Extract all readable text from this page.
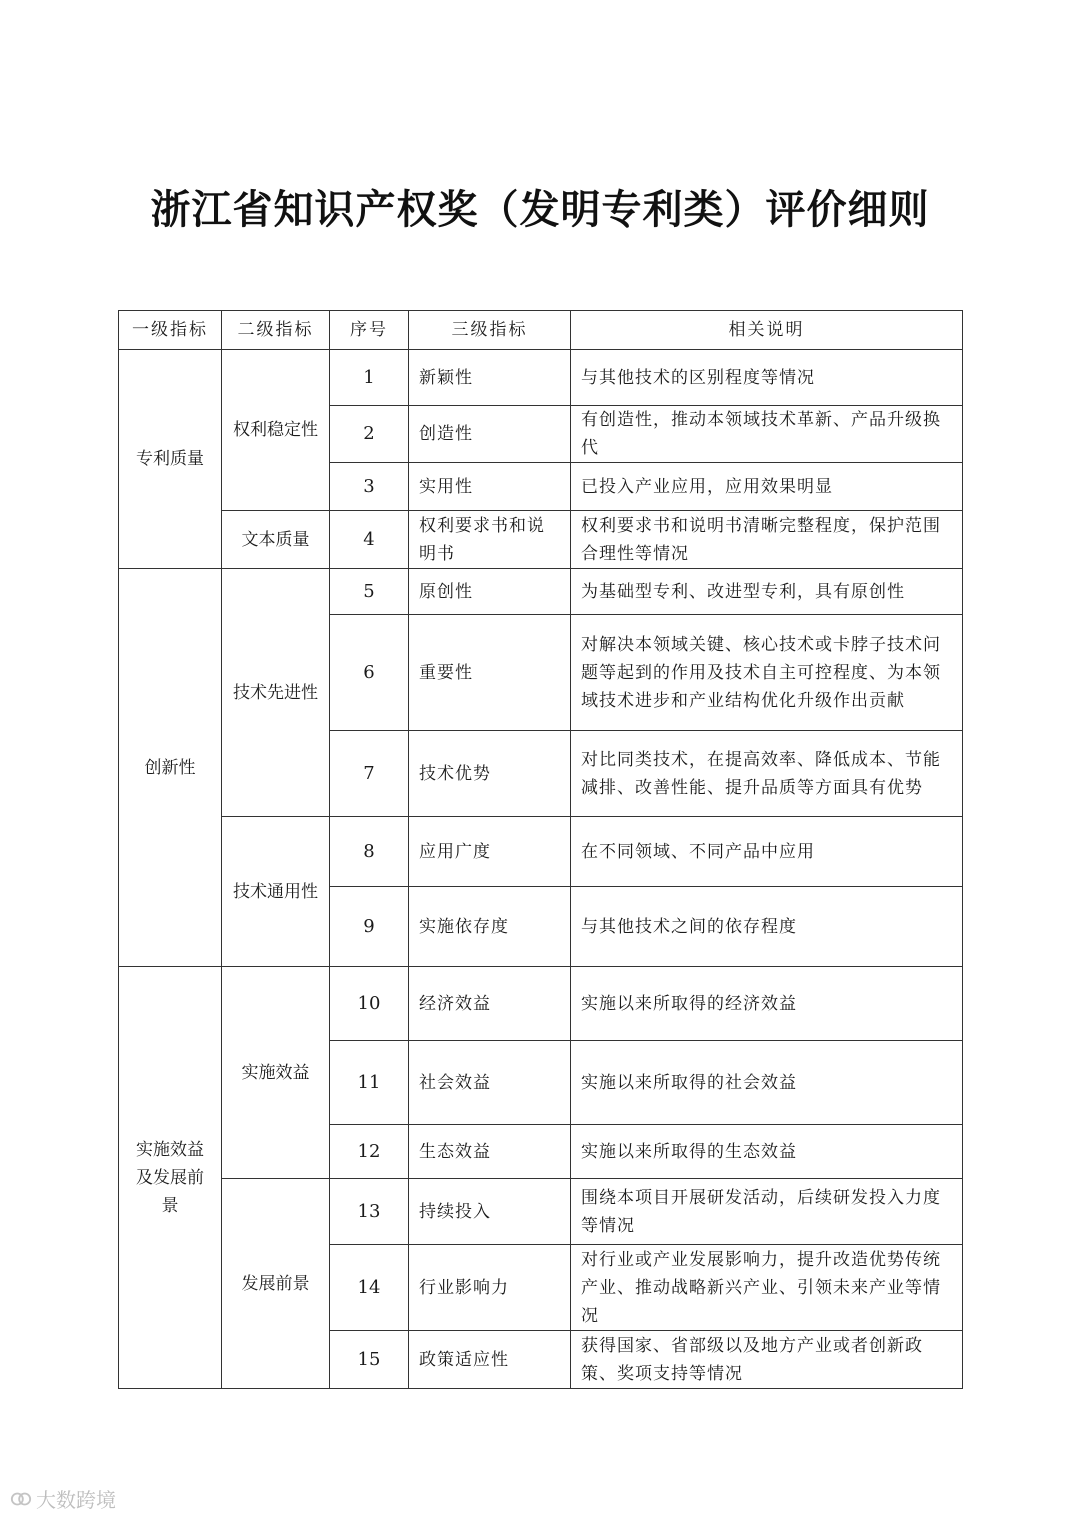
浙江省知识产权奖（发明专利类）评价细则
一级指标	二级指标	序号	三级指标	相关说明
专利质量	权利稳定性	1	新颖性	与其他技术的区别程度等情况
		2	创造性	有创造性，推动本领域技术革新、产品升级换代
		3	实用性	已投入产业应用，应用效果明显
	文本质量	4	权利要求书和说明书	权利要求书和说明书清晰完整程度，保护范围合理性等情况
创新性	技术先进性	5	原创性	为基础型专利、改进型专利，具有原创性
		6	重要性	对解决本领域关键、核心技术或卡脖子技术问题等起到的作用及技术自主可控程度、为本领域技术进步和产业结构优化升级作出贡献
		7	技术优势	对比同类技术，在提高效率、降低成本、节能减排、改善性能、提升品质等方面具有优势
	技术通用性	8	应用广度	在不同领域、不同产品中应用
		9	实施依存度	与其他技术之间的依存程度
实施效益及发展前景	实施效益	10	经济效益	实施以来所取得的经济效益
		11	社会效益	实施以来所取得的社会效益
		12	生态效益	实施以来所取得的生态效益
	发展前景	13	持续投入	围绕本项目开展研发活动，后续研发投入力度等情况
		14	行业影响力	对行业或产业发展影响力，提升改造优势传统产业、推动战略新兴产业、引领未来产业等情况
		15	政策适应性	获得国家、省部级以及地方产业或者创新政策、奖项支持等情况
大数跨境
